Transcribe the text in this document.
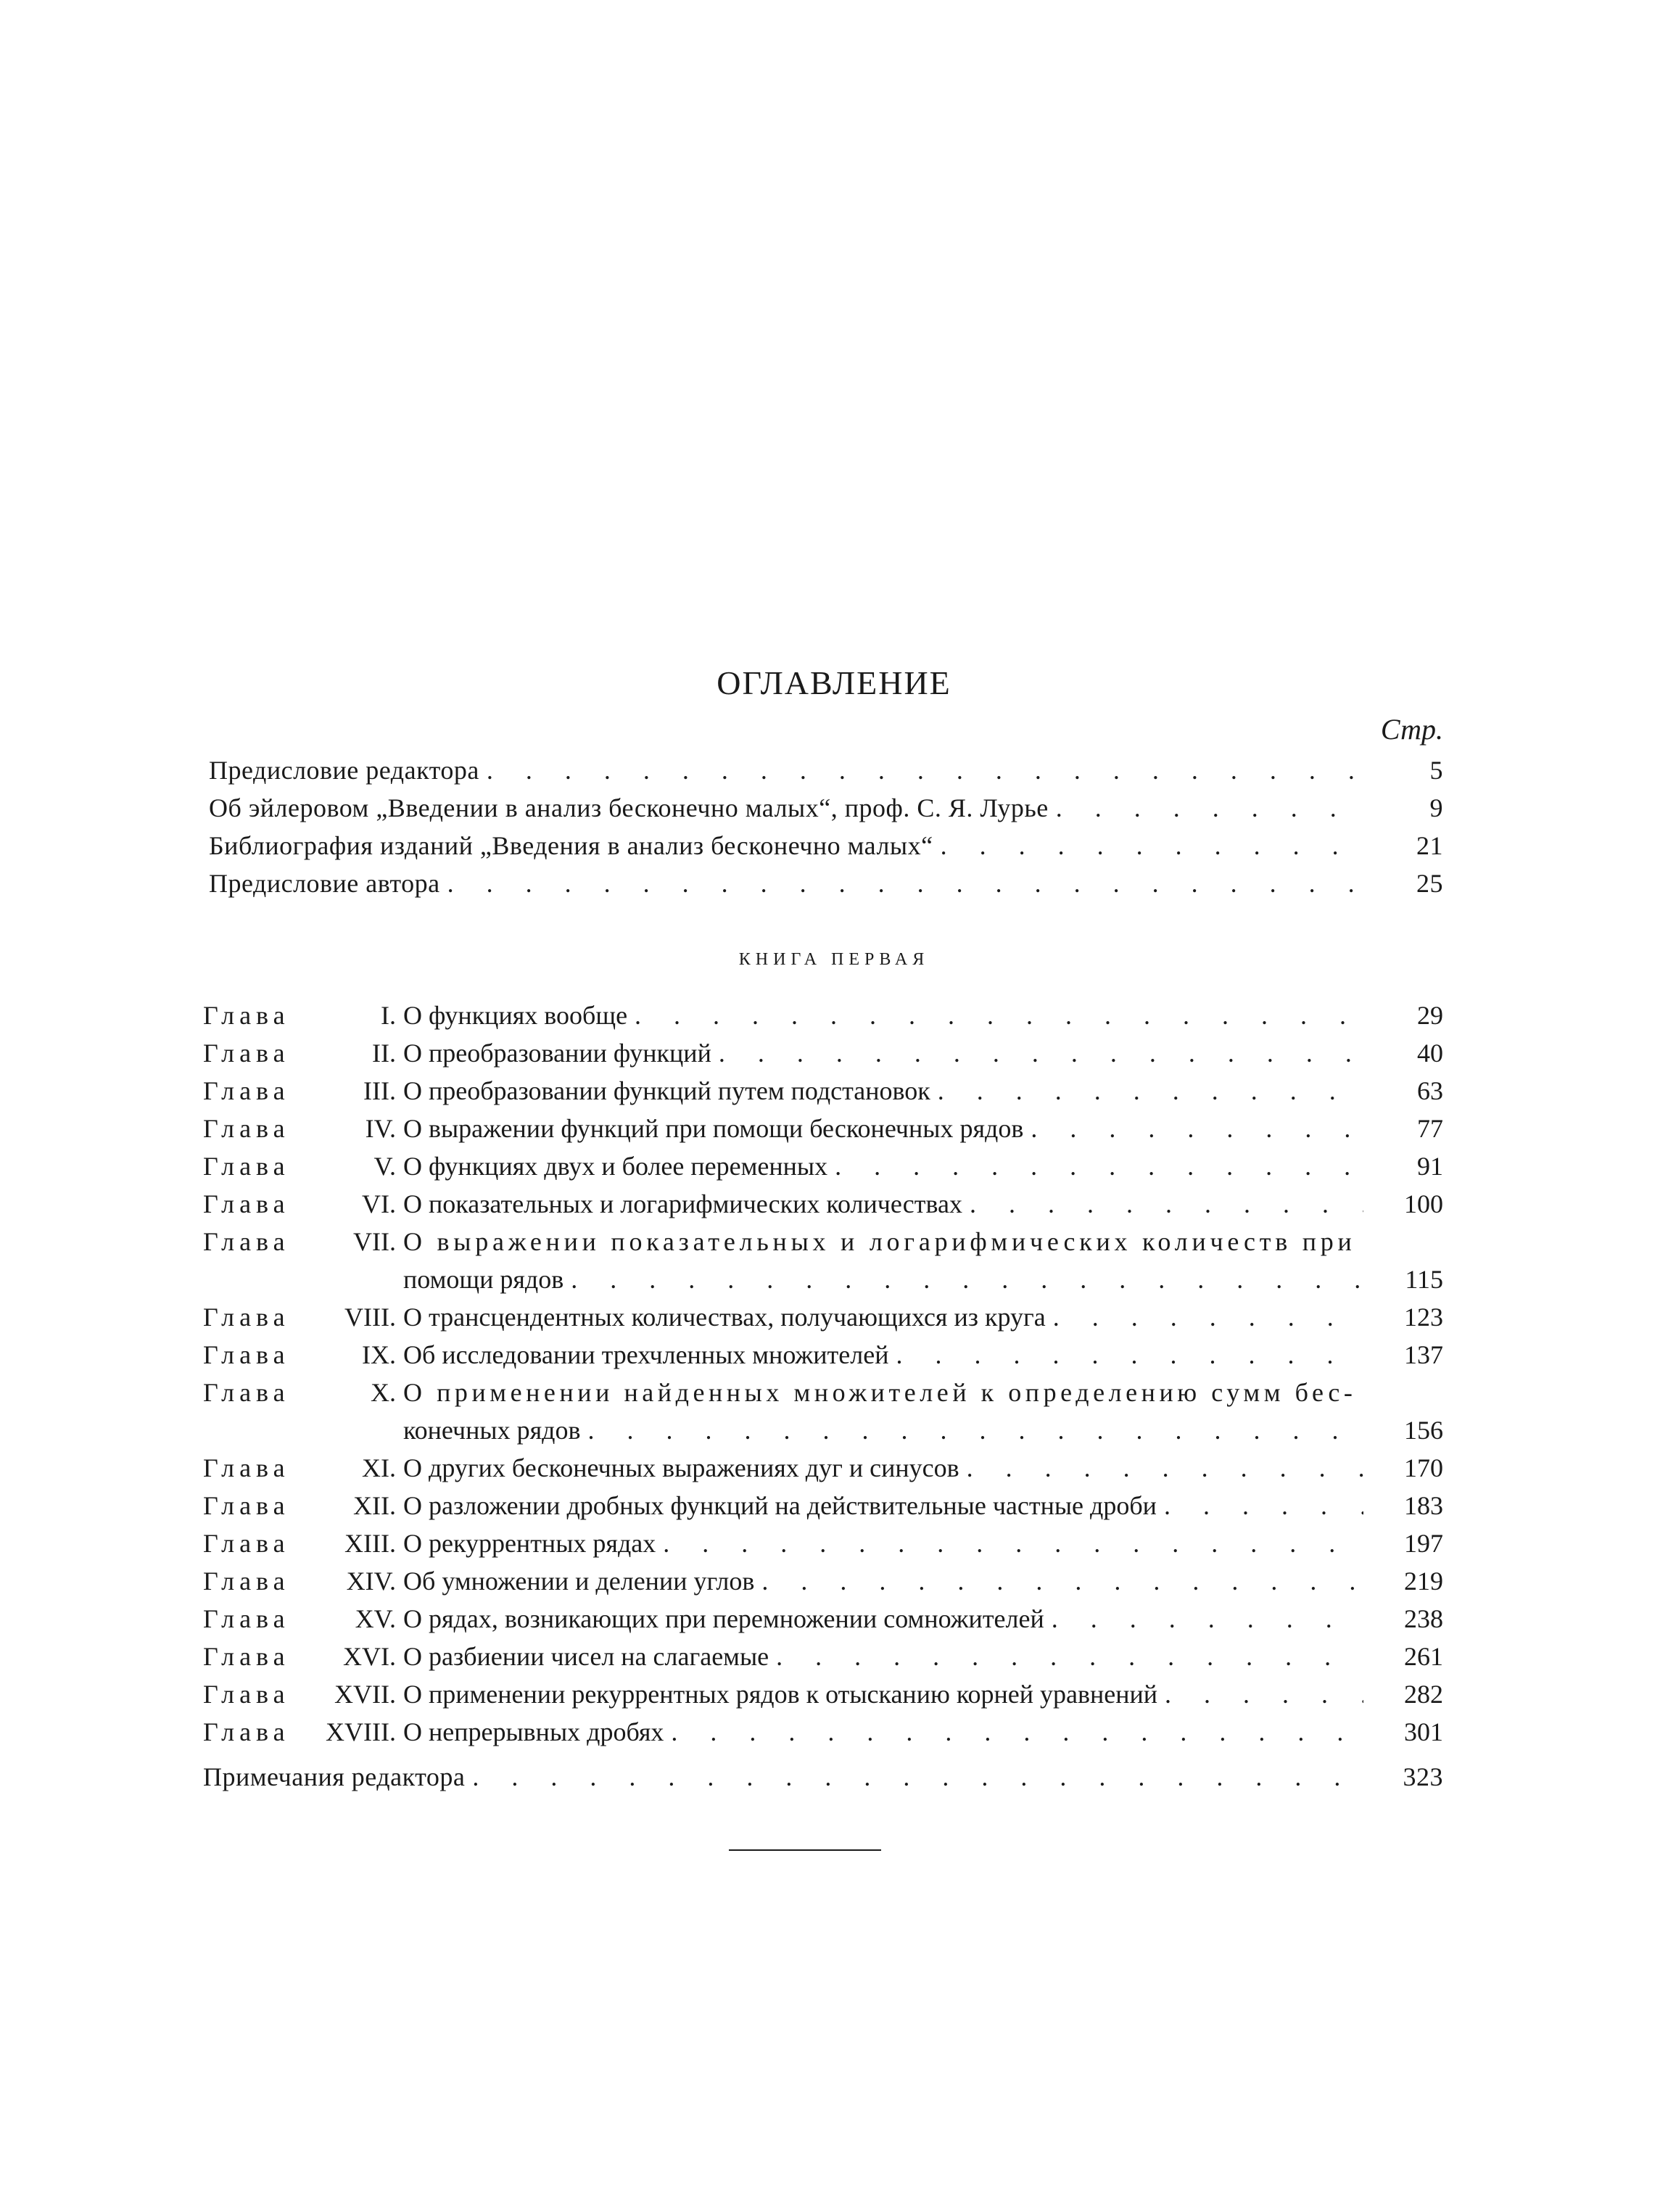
ОГЛАВЛЕНИЕ
Стр.
Предисловие редактора . . .	5
Об эйлеровом „Введении в анализ бесконечно малых“, проф. С. Я. Лурье . . .	9
Библиография изданий „Введения в анализ бесконечно малых“ . . .	21
Предисловие автора . . .	25
КНИГА ПЕРВАЯ
Глава	I. О функциях вообще . . .	29
Глава	II. О преобразовании функций . . .	40
Глава	III. О преобразовании функций путем подстановок . . .	63
Глава	IV. О выражении функций при помощи бесконечных рядов . . .	77
Глава	V. О функциях двух и более переменных . . .	91
Глава	VI. О показательных и логарифмических количествах . . .	100
Глава	VII. О выражении показательных и логарифмических количеств при
помощи рядов . . .	115
Глава	VIII. О трансцендентных количествах, получающихся из круга . . .	123
Глава	IX. Об исследовании трехчленных множителей . . .	137
Глава	X. О применении найденных множителей к определению сумм бес-
конечных рядов . . .	156
Глава	XI. О других бесконечных выражениях дуг и синусов . . .	170
Глава	XII. О разложении дробных функций на действительные частные дроби . . .	183
Глава	XIII. О рекуррентных рядах . . .	197
Глава	XIV. Об умножении и делении углов . . .	219
Глава	XV. О рядах, возникающих при перемножении сомножителей . . .	238
Глава	XVI. О разбиении чисел на слагаемые . . .	261
Глава	XVII. О применении рекуррентных рядов к отысканию корней уравнений . . .	282
Глава	XVIII. О непрерывных дробях . . .	301
Примечания редактора . . .	323
